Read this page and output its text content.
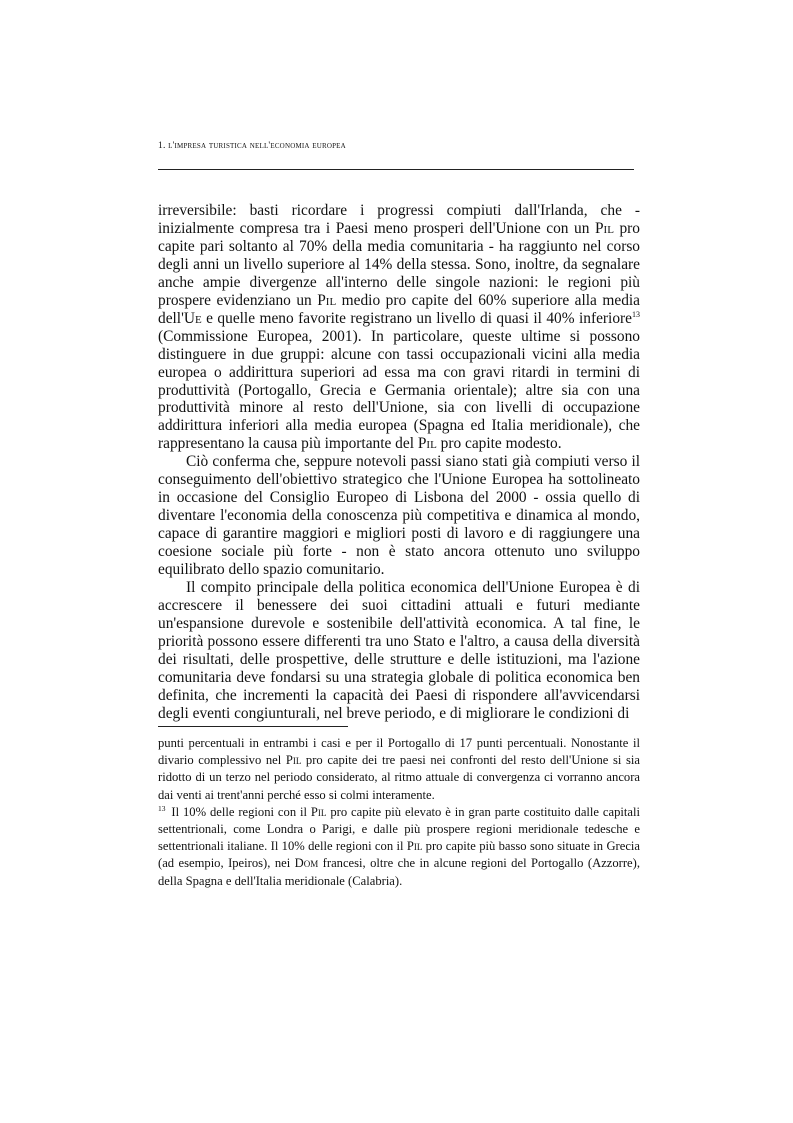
1. l'impresa turistica nell'economia europea

irreversibile: basti ricordare i progressi compiuti dall'Irlanda, che - inizialmente compresa tra i Paesi meno prosperi dell'Unione con un Pil pro capite pari soltanto al 70% della media comunitaria - ha raggiunto nel corso degli anni un livello superiore al 14% della stessa. Sono, inoltre, da segnalare anche ampie divergenze all'interno delle singole nazioni: le regioni più prospere evidenziano un Pil medio pro capite del 60% superiore alla media dell'Ue e quelle meno favorite registrano un livello di quasi il 40% inferiore$^{13}$ (Commissione Europea, 2001). In particolare, queste ultime si possono distinguere in due gruppi: alcune con tassi occupazionali vicini alla media europea o addirittura superiori ad essa ma con gravi ritardi in termini di produttività (Portogallo, Grecia e Germania orientale); altre sia con una produttività minore al resto dell'Unione, sia con livelli di occupazione addirittura inferiori alla media europea (Spagna ed Italia meridionale), che rappresentano la causa più importante del Pil pro capite modesto.

Ciò conferma che, seppure notevoli passi siano stati già compiuti verso il conseguimento dell'obiettivo strategico che l'Unione Europea ha sottolineato in occasione del Consiglio Europeo di Lisbona del 2000 - ossia quello di diventare l'economia della conoscenza più competitiva e dinamica al mondo, capace di garantire maggiori e migliori posti di lavoro e di raggiungere una coesione sociale più forte - non è stato ancora ottenuto uno sviluppo equilibrato dello spazio comunitario.

Il compito principale della politica economica dell'Unione Europea è di accrescere il benessere dei suoi cittadini attuali e futuri mediante un'espansione durevole e sostenibile dell'attività economica. A tal fine, le priorità possono essere differenti tra uno Stato e l'altro, a causa della diversità dei risultati, delle prospettive, delle strutture e delle istituzioni, ma l'azione comunitaria deve fondarsi su una strategia globale di politica economica ben definita, che incrementi la capacità dei Paesi di rispondere all'avvicendarsi degli eventi congiunturali, nel breve periodo, e di migliorare le condizioni di

punti percentuali in entrambi i casi e per il Portogallo di 17 punti percentuali. Nonostante il divario complessivo nel Pil pro capite dei tre paesi nei confronti del resto dell'Unione si sia ridotto di un terzo nel periodo considerato, al ritmo attuale di convergenza ci vorranno ancora dai venti ai trent'anni perché esso si colmi interamente.

$^{13}$ Il 10% delle regioni con il Pil pro capite più elevato è in gran parte costituito dalle capitali settentrionali, come Londra o Parigi, e dalle più prospere regioni meridionale tedesche e settentrionali italiane. Il 10% delle regioni con il Pil pro capite più basso sono situate in Grecia (ad esempio, Ipeiros), nei Dom francesi, oltre che in alcune regioni del Portogallo (Azzorre), della Spagna e dell'Italia meridionale (Calabria).
